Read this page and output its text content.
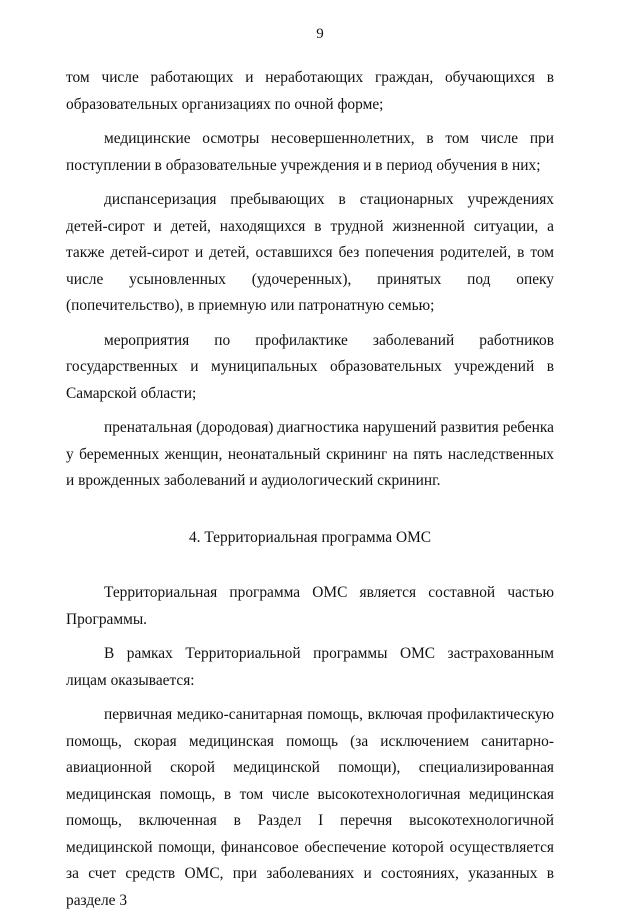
9

том числе работающих и неработающих граждан, обучающихся в образовательных организациях по очной форме;

медицинские осмотры несовершеннолетних, в том числе при поступлении в образовательные учреждения и в период обучения в них;

диспансеризация пребывающих в стационарных учреждениях детей-сирот и детей, находящихся в трудной жизненной ситуации, а также детей-сирот и детей, оставшихся без попечения родителей, в том числе усыновленных (удочеренных), принятых под опеку (попечительство), в приемную или патронатную семью;

мероприятия по профилактике заболеваний работников государственных и муниципальных образовательных учреждений в Самарской области;

пренатальная (дородовая) диагностика нарушений развития ребенка у беременных женщин, неонатальный скрининг на пять наследственных и врожденных заболеваний и аудиологический скрининг.

4. Территориальная программа ОМС

Территориальная программа ОМС является составной частью Программы.

В рамках Территориальной программы ОМС застрахованным лицам оказывается:

первичная медико-санитарная помощь, включая профилактическую помощь, скорая медицинская помощь (за исключением санитарно-авиационной скорой медицинской помощи), специализированная медицинская помощь, в том числе высокотехнологичная медицинская помощь, включенная в Раздел I перечня высокотехнологичной медицинской помощи, финансовое обеспечение которой осуществляется за счет средств ОМС, при заболеваниях и состояниях, указанных в разделе 3
